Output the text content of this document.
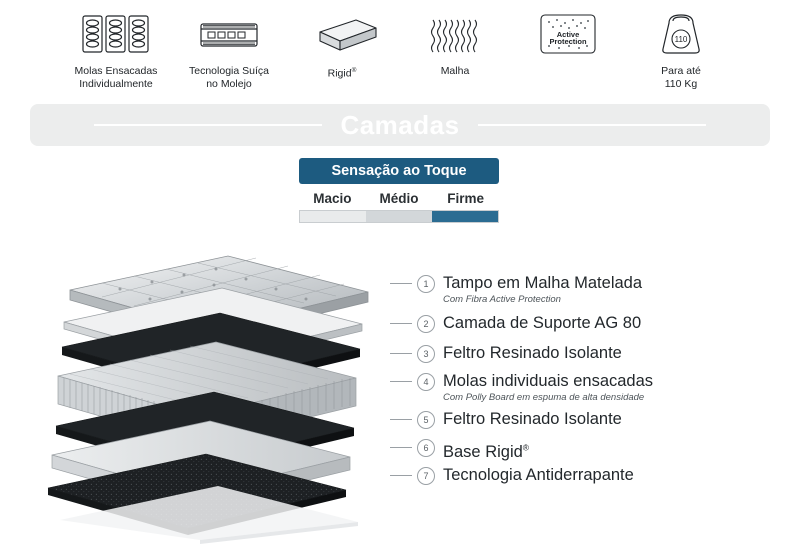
Molas Ensacadas
Individualmente
Tecnologia Suíça
no Molejo
Rigid®	Malha
Active
Protection
	110
Para até
110 Kg
Camadas
Sensação ao Toque
Macio	Médio	Firme
1 Tampo em Malha Matelada
Com Fibra Active Protection
2 Camada de Suporte AG 80
3 Feltro Resinado Isolante
4 Molas individuais ensacadas
Com Polly Board em espuma de alta densidade
5 Feltro Resinado Isolante
6 Base Rigid®
7 Tecnologia Antiderrapante
